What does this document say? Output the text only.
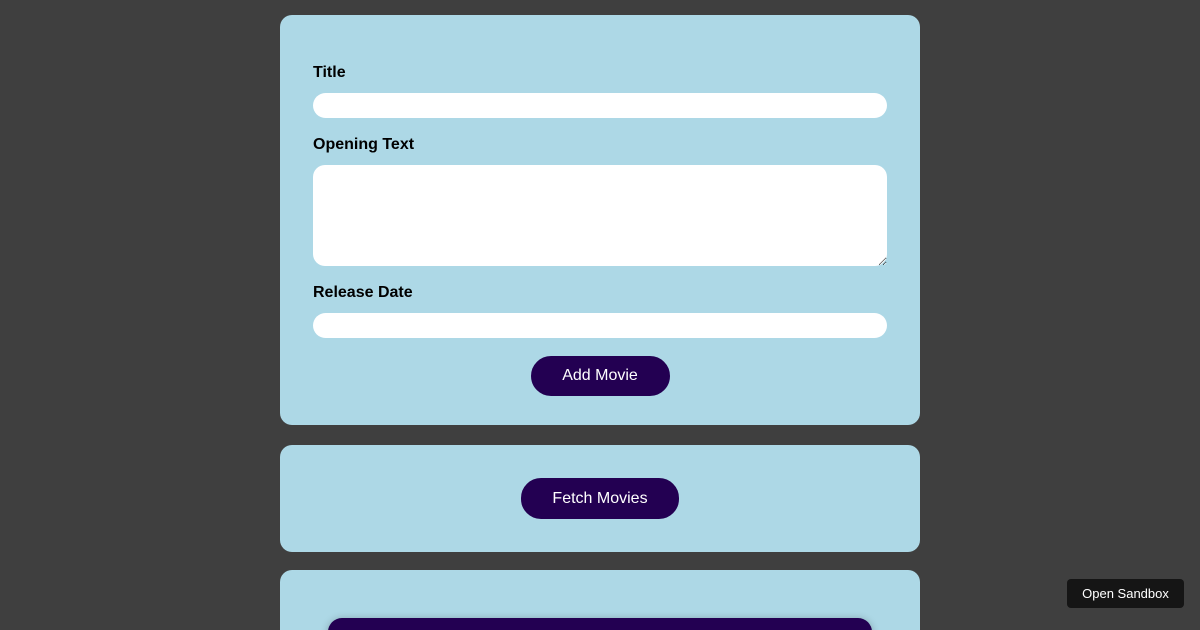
Title
Opening Text
Release Date
Add Movie
Fetch Movies
Open Sandbox
